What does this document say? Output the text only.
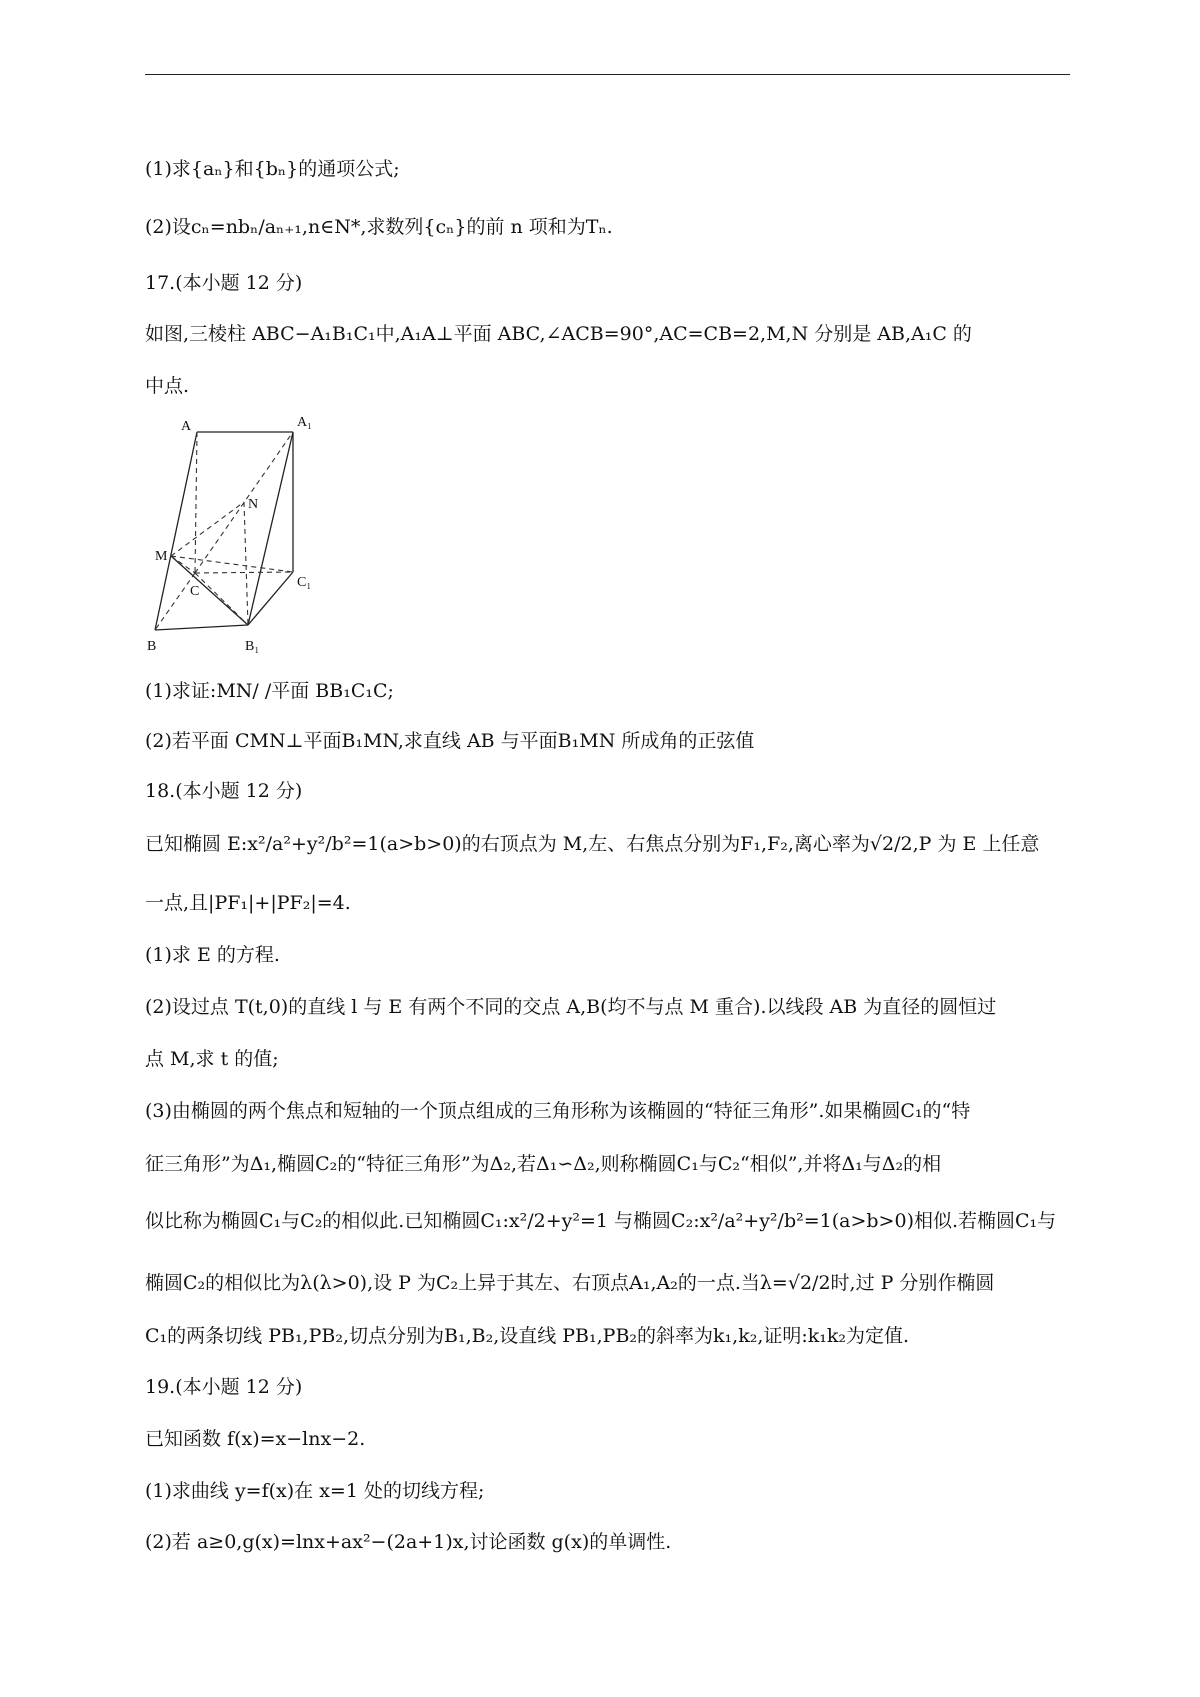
(1)求{aₙ}和{bₙ}的通项公式;
(2)设cₙ=nbₙ/aₙ₊₁,n∈N*,求数列{cₙ}的前 n 项和为Tₙ.
17.(本小题 12 分)
如图,三棱柱 ABC−A₁B₁C₁中,A₁A⊥平面 ABC,∠ACB=90°,AC=CB=2,M,N 分别是 AB,A₁C 的
中点.
A	A₁
N
M
C
C₁
B	B₁
(1)求证:MN/ /平面 BB₁C₁C;
(2)若平面 CMN⊥平面B₁MN,求直线 AB 与平面B₁MN 所成角的正弦值
18.(本小题 12 分)
已知椭圆 E:x²/a²+y²/b²=1(a>b>0)的右顶点为 M,左、右焦点分别为F₁,F₂,离心率为√2/2,P 为 E 上任意
一点,且|PF₁|+|PF₂|=4.
(1)求 E 的方程.
(2)设过点 T(t,0)的直线 l 与 E 有两个不同的交点 A,B(均不与点 M 重合).以线段 AB 为直径的圆恒过
点 M,求 t 的值;
(3)由椭圆的两个焦点和短轴的一个顶点组成的三角形称为该椭圆的“特征三角形”.如果椭圆C₁的“特
征三角形”为Δ₁,椭圆C₂的“特征三角形”为Δ₂,若Δ₁∽Δ₂,则称椭圆C₁与C₂“相似”,并将Δ₁与Δ₂的相
似比称为椭圆C₁与C₂的相似此.已知椭圆C₁:x²/2+y²=1 与椭圆C₂:x²/a²+y²/b²=1(a>b>0)相似.若椭圆C₁与
椭圆C₂的相似比为λ(λ>0),设 P 为C₂上异于其左、右顶点A₁,A₂的一点.当λ=√2/2时,过 P 分别作椭圆
C₁的两条切线 PB₁,PB₂,切点分别为B₁,B₂,设直线 PB₁,PB₂的斜率为k₁,k₂,证明:k₁k₂为定值.
19.(本小题 12 分)
已知函数 f(x)=x−lnx−2.
(1)求曲线 y=f(x)在 x=1 处的切线方程;
(2)若 a≥0,g(x)=lnx+ax²−(2a+1)x,讨论函数 g(x)的单调性.
